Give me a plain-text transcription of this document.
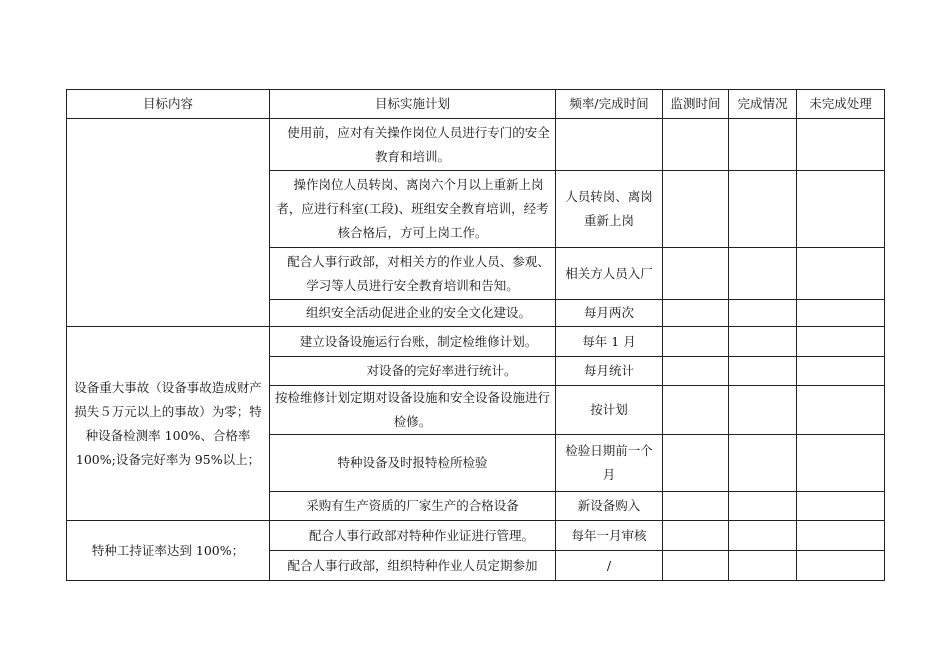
目标内容	目标实施计划	频率/完成时间	监测时间	完成情况	未完成处理
	使用前，应对有关操作岗位人员进行专门的安全教育和培训。				
	操作岗位人员转岗、离岗六个月以上重新上岗者，应进行科室(工段)、班组安全教育培训，经考核合格后，方可上岗工作。	人员转岗、离岗重新上岗			
	配合人事行政部，对相关方的作业人员、参观、学习等人员进行安全教育培训和告知。	相关方人员入厂			
	组织安全活动促进企业的安全文化建设。	每月两次			
设备重大事故（设备事故造成财产损失５万元以上的事故）为零；特种设备检测率 100%、合格率100%;设备完好率为 95%以上；	建立设备设施运行台账，制定检维修计划。	每年 1 月			
	对设备的完好率进行统计。	每月统计			
	按检维修计划定期对设备设施和安全设备设施进行检修。	按计划			
	特种设备及时报特检所检验	检验日期前一个月			
	采购有生产资质的厂家生产的合格设备	新设备购入			
特种工持证率达到 100%；	配合人事行政部对特种作业证进行管理。	每年一月审核			
	配合人事行政部，组织特种作业人员定期参加	/			
